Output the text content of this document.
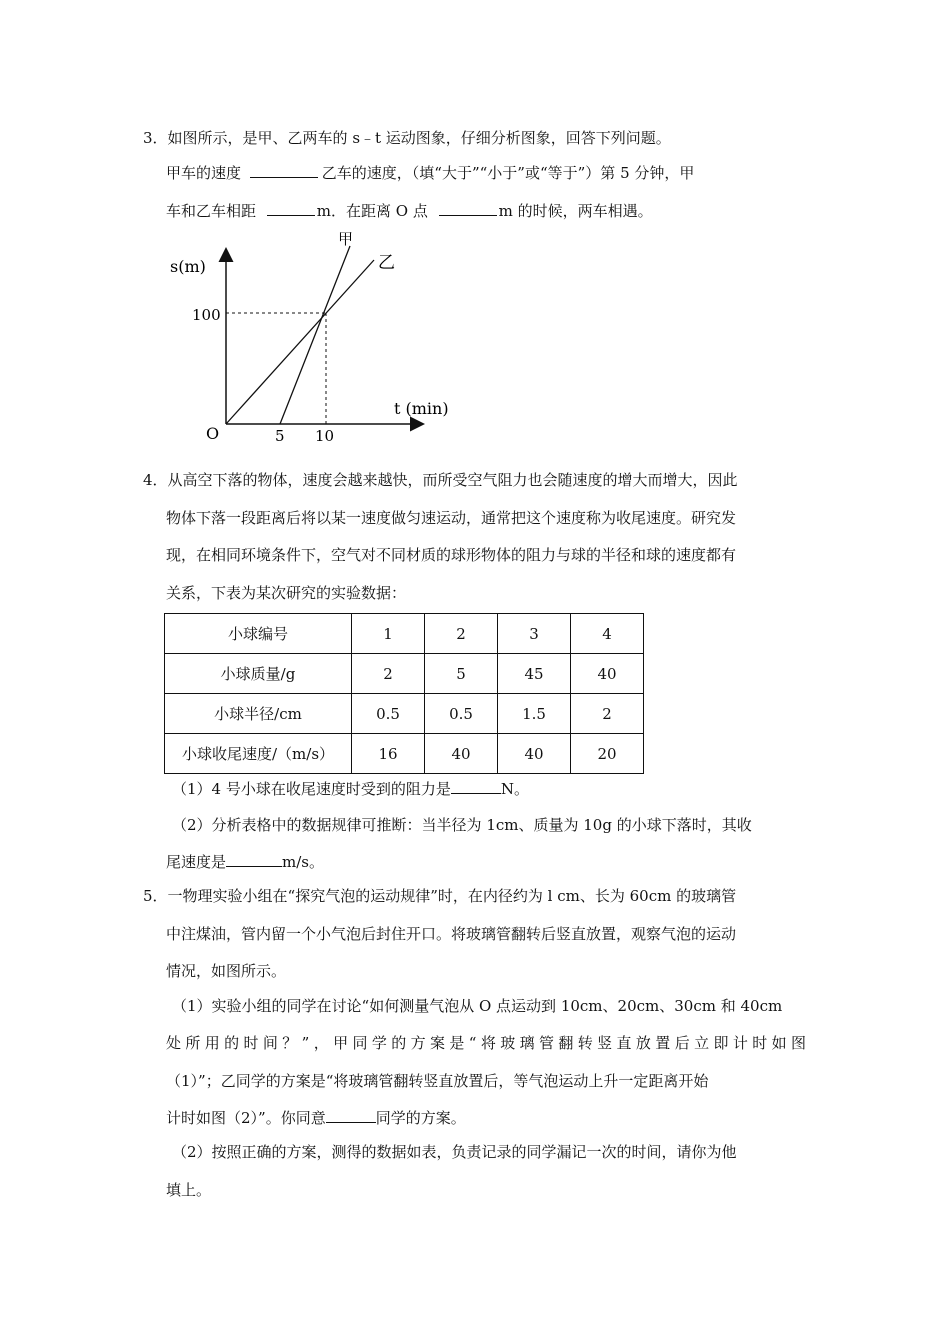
3．如图所示，是甲、乙两车的 s﹣t 运动图象，仔细分析图象，回答下列问题。
甲车的速度	乙车的速度，（填“大于”“小于”或“等于”）第 5 分钟，甲
车和乙车相距	m．在距离 O 点	m 的时候，两车相遇。
s(m)
100
t (min)
O	5 10
甲
乙
4．从高空下落的物体，速度会越来越快，而所受空气阻力也会随速度的增大而增大，因此
物体下落一段距离后将以某一速度做匀速运动，通常把这个速度称为收尾速度。研究发
现，在相同环境条件下，空气对不同材质的球形物体的阻力与球的半径和球的速度都有
关系，下表为某次研究的实验数据：
小球编号	1	2	3	4
小球质量/g	2	5	45	40
小球半径/cm	0.5	0.5	1.5	2
小球收尾速度/（m/s）	16	40	40	20
（1）4 号小球在收尾速度时受到的阻力是	N。
（2）分析表格中的数据规律可推断：当半径为 1cm、质量为 10g 的小球下落时，其收
尾速度是	m/s。
5．一物理实验小组在“探究气泡的运动规律”时，在内径约为 l cm、长为 60cm 的玻璃管
中注煤油，管内留一个小气泡后封住开口。将玻璃管翻转后竖直放置，观察气泡的运动
情况，如图所示。
（1）实验小组的同学在讨论“如何测量气泡从 O 点运动到 10cm、20cm、30cm 和 40cm
处所用的时间？”，甲同学的方案是“将玻璃管翻转竖直放置后立即计时如图
（1）”；乙同学的方案是“将玻璃管翻转竖直放置后，等气泡运动上升一定距离开始
计时如图（2）”。你同意	同学的方案。
（2）按照正确的方案，测得的数据如表，负责记录的同学漏记一次的时间，请你为他
填上。
